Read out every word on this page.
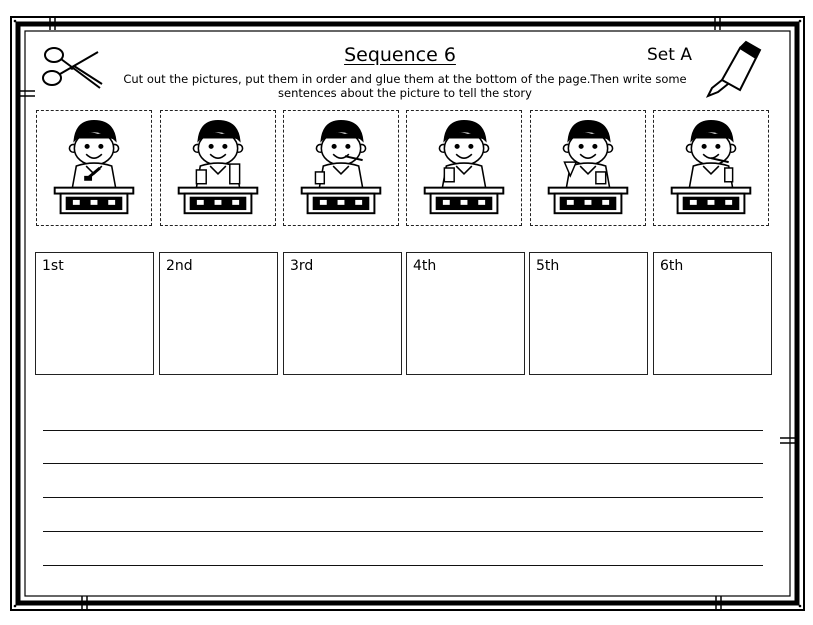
Sequence 6	Set A
Cut out the pictures, put them in order and glue them at the bottom of the page.Then write some sentences about the picture to tell the story
1st	2nd	3rd	4th	5th	6th
